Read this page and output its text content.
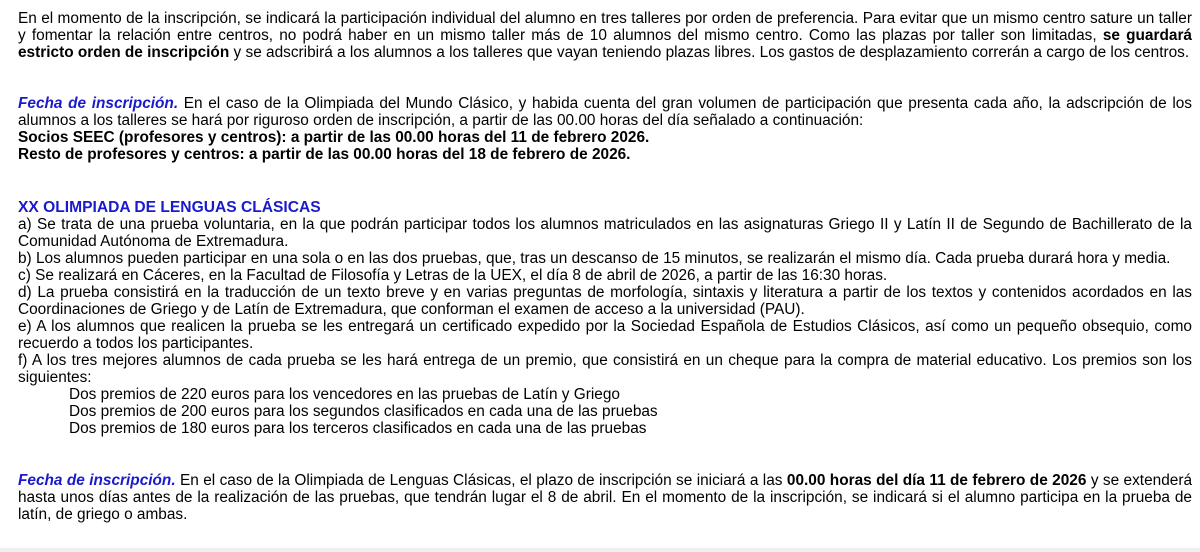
En el momento de la inscripción, se indicará la participación individual del alumno en tres talleres por orden de preferencia. Para evitar que un mismo centro sature un taller y fomentar la relación entre centros, no podrá haber en un mismo taller más de 10 alumnos del mismo centro. Como las plazas por taller son limitadas, se guardará estricto orden de inscripción y se adscribirá a los alumnos a los talleres que vayan teniendo plazas libres. Los gastos de desplazamiento correrán a cargo de los centros.

Fecha de inscripción. En el caso de la Olimpiada del Mundo Clásico, y habida cuenta del gran volumen de participación que presenta cada año, la adscripción de los alumnos a los talleres se hará por riguroso orden de inscripción, a partir de las 00.00 horas del día señalado a continuación:

Socios SEEC (profesores y centros): a partir de las 00.00 horas del 11 de febrero 2026.

Resto de profesores y centros: a partir de las 00.00 horas del 18 de febrero de 2026.

XX OLIMPIADA DE LENGUAS CLÁSICAS

a) Se trata de una prueba voluntaria, en la que podrán participar todos los alumnos matriculados en las asignaturas Griego II y Latín II de Segundo de Bachillerato de la Comunidad Autónoma de Extremadura.

b) Los alumnos pueden participar en una sola o en las dos pruebas, que, tras un descanso de 15 minutos, se realizarán el mismo día. Cada prueba durará hora y media.

c) Se realizará en Cáceres, en la Facultad de Filosofía y Letras de la UEX, el día 8 de abril de 2026, a partir de las 16:30 horas.

d) La prueba consistirá en la traducción de un texto breve y en varias preguntas de morfología, sintaxis y literatura a partir de los textos y contenidos acordados en las Coordinaciones de Griego y de Latín de Extremadura, que conforman el examen de acceso a la universidad (PAU).

e) A los alumnos que realicen la prueba se les entregará un certificado expedido por la Sociedad Española de Estudios Clásicos, así como un pequeño obsequio, como recuerdo a todos los participantes.

f) A los tres mejores alumnos de cada prueba se les hará entrega de un premio, que consistirá en un cheque para la compra de material educativo. Los premios son los siguientes:

Dos premios de 220 euros para los vencedores en las pruebas de Latín y Griego

Dos premios de 200 euros para los segundos clasificados en cada una de las pruebas

Dos premios de 180 euros para los terceros clasificados en cada una de las pruebas

Fecha de inscripción. En el caso de la Olimpiada de Lenguas Clásicas, el plazo de inscripción se iniciará a las 00.00 horas del día 11 de febrero de 2026 y se extenderá hasta unos días antes de la realización de las pruebas, que tendrán lugar el 8 de abril. En el momento de la inscripción, se indicará si el alumno participa en la prueba de latín, de griego o ambas.
